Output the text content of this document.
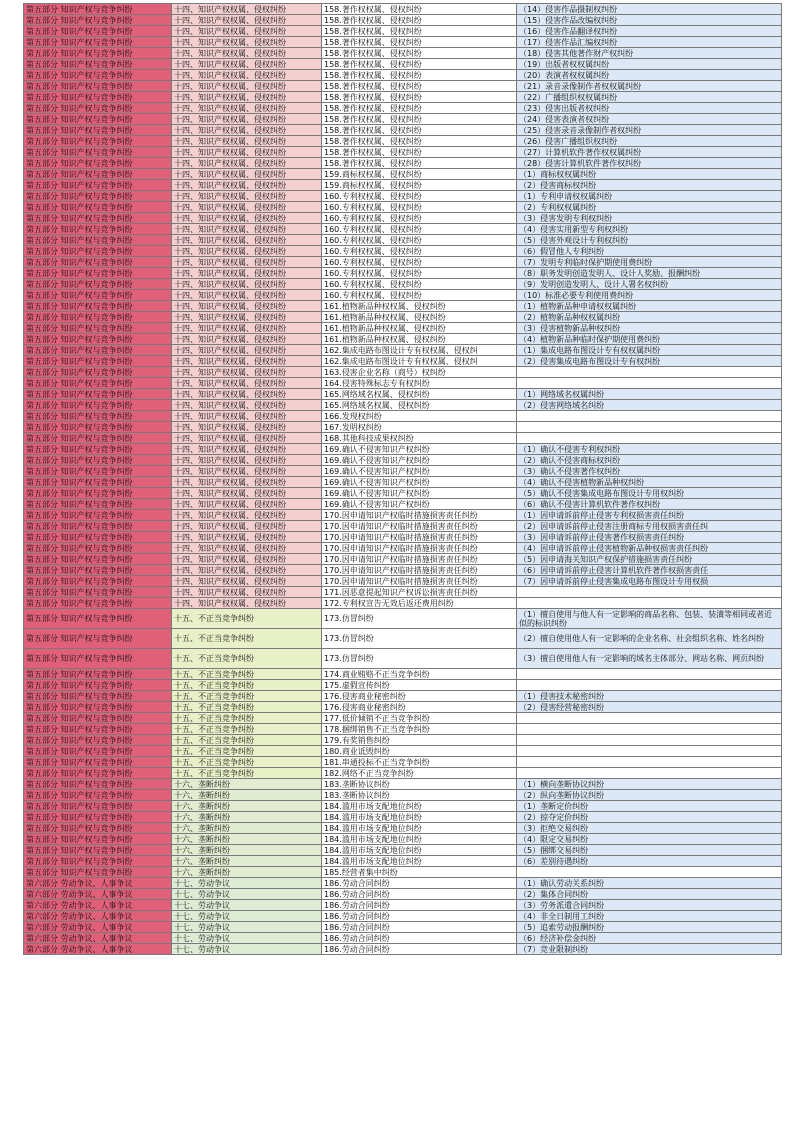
第五部分 知识产权与竞争纠纷	十四、知识产权权属、侵权纠纷	158.著作权权属、侵权纠纷	（14）侵害作品摄制权纠纷
第五部分 知识产权与竞争纠纷	十四、知识产权权属、侵权纠纷	158.著作权权属、侵权纠纷	（15）侵害作品改编权纠纷
第五部分 知识产权与竞争纠纷	十四、知识产权权属、侵权纠纷	158.著作权权属、侵权纠纷	（16）侵害作品翻译权纠纷
第五部分 知识产权与竞争纠纷	十四、知识产权权属、侵权纠纷	158.著作权权属、侵权纠纷	（17）侵害作品汇编权纠纷
第五部分 知识产权与竞争纠纷	十四、知识产权权属、侵权纠纷	158.著作权权属、侵权纠纷	（18）侵害其他著作财产权纠纷
第五部分 知识产权与竞争纠纷	十四、知识产权权属、侵权纠纷	158.著作权权属、侵权纠纷	（19）出版者权权属纠纷
第五部分 知识产权与竞争纠纷	十四、知识产权权属、侵权纠纷	158.著作权权属、侵权纠纷	（20）表演者权权属纠纷
第五部分 知识产权与竞争纠纷	十四、知识产权权属、侵权纠纷	158.著作权权属、侵权纠纷	（21）录音录像制作者权权属纠纷
第五部分 知识产权与竞争纠纷	十四、知识产权权属、侵权纠纷	158.著作权权属、侵权纠纷	（22）广播组织权权属纠纷
第五部分 知识产权与竞争纠纷	十四、知识产权权属、侵权纠纷	158.著作权权属、侵权纠纷	（23）侵害出版者权纠纷
第五部分 知识产权与竞争纠纷	十四、知识产权权属、侵权纠纷	158.著作权权属、侵权纠纷	（24）侵害表演者权纠纷
第五部分 知识产权与竞争纠纷	十四、知识产权权属、侵权纠纷	158.著作权权属、侵权纠纷	（25）侵害录音录像制作者权纠纷
第五部分 知识产权与竞争纠纷	十四、知识产权权属、侵权纠纷	158.著作权权属、侵权纠纷	（26）侵害广播组织权纠纷
第五部分 知识产权与竞争纠纷	十四、知识产权权属、侵权纠纷	158.著作权权属、侵权纠纷	（27）计算机软件著作权权属纠纷
第五部分 知识产权与竞争纠纷	十四、知识产权权属、侵权纠纷	158.著作权权属、侵权纠纷	（28）侵害计算机软件著作权纠纷
第五部分 知识产权与竞争纠纷	十四、知识产权权属、侵权纠纷	159.商标权权属、侵权纠纷	（1）商标权权属纠纷
第五部分 知识产权与竞争纠纷	十四、知识产权权属、侵权纠纷	159.商标权权属、侵权纠纷	（2）侵害商标权纠纷
第五部分 知识产权与竞争纠纷	十四、知识产权权属、侵权纠纷	160.专利权权属、侵权纠纷	（1）专利申请权权属纠纷
第五部分 知识产权与竞争纠纷	十四、知识产权权属、侵权纠纷	160.专利权权属、侵权纠纷	（2）专利权权属纠纷
第五部分 知识产权与竞争纠纷	十四、知识产权权属、侵权纠纷	160.专利权权属、侵权纠纷	（3）侵害发明专利权纠纷
第五部分 知识产权与竞争纠纷	十四、知识产权权属、侵权纠纷	160.专利权权属、侵权纠纷	（4）侵害实用新型专利权纠纷
第五部分 知识产权与竞争纠纷	十四、知识产权权属、侵权纠纷	160.专利权权属、侵权纠纷	（5）侵害外观设计专利权纠纷
第五部分 知识产权与竞争纠纷	十四、知识产权权属、侵权纠纷	160.专利权权属、侵权纠纷	（6）假冒他人专利纠纷
第五部分 知识产权与竞争纠纷	十四、知识产权权属、侵权纠纷	160.专利权权属、侵权纠纷	（7）发明专利临时保护期使用费纠纷
第五部分 知识产权与竞争纠纷	十四、知识产权权属、侵权纠纷	160.专利权权属、侵权纠纷	（8）职务发明创造发明人、设计人奖励、报酬纠纷
第五部分 知识产权与竞争纠纷	十四、知识产权权属、侵权纠纷	160.专利权权属、侵权纠纷	（9）发明创造发明人、设计人署名权纠纷
第五部分 知识产权与竞争纠纷	十四、知识产权权属、侵权纠纷	160.专利权权属、侵权纠纷	（10）标准必要专利使用费纠纷
第五部分 知识产权与竞争纠纷	十四、知识产权权属、侵权纠纷	161.植物新品种权权属、侵权纠纷	（1）植物新品种申请权权属纠纷
第五部分 知识产权与竞争纠纷	十四、知识产权权属、侵权纠纷	161.植物新品种权权属、侵权纠纷	（2）植物新品种权权属纠纷
第五部分 知识产权与竞争纠纷	十四、知识产权权属、侵权纠纷	161.植物新品种权权属、侵权纠纷	（3）侵害植物新品种权纠纷
第五部分 知识产权与竞争纠纷	十四、知识产权权属、侵权纠纷	161.植物新品种权权属、侵权纠纷	（4）植物新品种临时保护期使用费纠纷
第五部分 知识产权与竞争纠纷	十四、知识产权权属、侵权纠纷	162.集成电路布图设计专有权权属、侵权纠	（1）集成电路布图设计专有权权属纠纷
第五部分 知识产权与竞争纠纷	十四、知识产权权属、侵权纠纷	162.集成电路布图设计专有权权属、侵权纠	（2）侵害集成电路布图设计专有权纠纷
第五部分 知识产权与竞争纠纷	十四、知识产权权属、侵权纠纷	163.侵害企业名称（商号）权纠纷	
第五部分 知识产权与竞争纠纷	十四、知识产权权属、侵权纠纷	164.侵害特殊标志专有权纠纷	
第五部分 知识产权与竞争纠纷	十四、知识产权权属、侵权纠纷	165.网络域名权属、侵权纠纷	（1）网络域名权属纠纷
第五部分 知识产权与竞争纠纷	十四、知识产权权属、侵权纠纷	165.网络域名权属、侵权纠纷	（2）侵害网络域名纠纷
第五部分 知识产权与竞争纠纷	十四、知识产权权属、侵权纠纷	166.发现权纠纷	
第五部分 知识产权与竞争纠纷	十四、知识产权权属、侵权纠纷	167.发明权纠纷	
第五部分 知识产权与竞争纠纷	十四、知识产权权属、侵权纠纷	168.其他科技成果权纠纷	
第五部分 知识产权与竞争纠纷	十四、知识产权权属、侵权纠纷	169.确认不侵害知识产权纠纷	（1）确认不侵害专利权纠纷
第五部分 知识产权与竞争纠纷	十四、知识产权权属、侵权纠纷	169.确认不侵害知识产权纠纷	（2）确认不侵害商标权纠纷
第五部分 知识产权与竞争纠纷	十四、知识产权权属、侵权纠纷	169.确认不侵害知识产权纠纷	（3）确认不侵害著作权纠纷
第五部分 知识产权与竞争纠纷	十四、知识产权权属、侵权纠纷	169.确认不侵害知识产权纠纷	（4）确认不侵害植物新品种权纠纷
第五部分 知识产权与竞争纠纷	十四、知识产权权属、侵权纠纷	169.确认不侵害知识产权纠纷	（5）确认不侵害集成电路布图设计专用权纠纷
第五部分 知识产权与竞争纠纷	十四、知识产权权属、侵权纠纷	169.确认不侵害知识产权纠纷	（6）确认不侵害计算机软件著作权纠纷
第五部分 知识产权与竞争纠纷	十四、知识产权权属、侵权纠纷	170.因申请知识产权临时措施损害责任纠纷	（1）因申请诉前停止侵害专利权损害责任纠纷
第五部分 知识产权与竞争纠纷	十四、知识产权权属、侵权纠纷	170.因申请知识产权临时措施损害责任纠纷	（2）因申请诉前停止侵害注册商标专用权损害责任纠
第五部分 知识产权与竞争纠纷	十四、知识产权权属、侵权纠纷	170.因申请知识产权临时措施损害责任纠纷	（3）因申请诉前停止侵害著作权损害责任纠纷
第五部分 知识产权与竞争纠纷	十四、知识产权权属、侵权纠纷	170.因申请知识产权临时措施损害责任纠纷	（4）因申请诉前停止侵害植物新品种权损害责任纠纷
第五部分 知识产权与竞争纠纷	十四、知识产权权属、侵权纠纷	170.因申请知识产权临时措施损害责任纠纷	（5）因申请海关知识产权保护措施损害责任纠纷
第五部分 知识产权与竞争纠纷	十四、知识产权权属、侵权纠纷	170.因申请知识产权临时措施损害责任纠纷	（6）因申请诉前停止侵害计算机软件著作权损害责任
第五部分 知识产权与竞争纠纷	十四、知识产权权属、侵权纠纷	170.因申请知识产权临时措施损害责任纠纷	（7）因申请诉前停止侵害集成电路布图设计专用权损
第五部分 知识产权与竞争纠纷	十四、知识产权权属、侵权纠纷	171.因恶意提起知识产权诉讼损害责任纠纷	
第五部分 知识产权与竞争纠纷	十四、知识产权权属、侵权纠纷	172.专利权宣告无效后返还费用纠纷	
第五部分 知识产权与竞争纠纷	十五、不正当竞争纠纷	173.仿冒纠纷	（1）擅自使用与他人有一定影响的商品名称、包装、装潢等相同或者近似的标识纠纷
第五部分 知识产权与竞争纠纷	十五、不正当竞争纠纷	173.仿冒纠纷	（2）擅自使用他人有一定影响的企业名称、社会组织名称、姓名纠纷
第五部分 知识产权与竞争纠纷	十五、不正当竞争纠纷	173.仿冒纠纷	（3）擅自使用他人有一定影响的域名主体部分、网站名称、网页纠纷
第五部分 知识产权与竞争纠纷	十五、不正当竞争纠纷	174.商业贿赂不正当竞争纠纷	
第五部分 知识产权与竞争纠纷	十五、不正当竞争纠纷	175.虚假宣传纠纷	
第五部分 知识产权与竞争纠纷	十五、不正当竞争纠纷	176.侵害商业秘密纠纷	（1）侵害技术秘密纠纷
第五部分 知识产权与竞争纠纷	十五、不正当竞争纠纷	176.侵害商业秘密纠纷	（2）侵害经营秘密纠纷
第五部分 知识产权与竞争纠纷	十五、不正当竞争纠纷	177.低价倾销不正当竞争纠纷	
第五部分 知识产权与竞争纠纷	十五、不正当竞争纠纷	178.捆绑销售不正当竞争纠纷	
第五部分 知识产权与竞争纠纷	十五、不正当竞争纠纷	179.有奖销售纠纷	
第五部分 知识产权与竞争纠纷	十五、不正当竞争纠纷	180.商业诋毁纠纷	
第五部分 知识产权与竞争纠纷	十五、不正当竞争纠纷	181.串通投标不正当竞争纠纷	
第五部分 知识产权与竞争纠纷	十五、不正当竞争纠纷	182.网络不正当竞争纠纷	
第五部分 知识产权与竞争纠纷	十六、垄断纠纷	183.垄断协议纠纷	（1）横向垄断协议纠纷
第五部分 知识产权与竞争纠纷	十六、垄断纠纷	183.垄断协议纠纷	（2）纵向垄断协议纠纷
第五部分 知识产权与竞争纠纷	十六、垄断纠纷	184.滥用市场支配地位纠纷	（1）垄断定价纠纷
第五部分 知识产权与竞争纠纷	十六、垄断纠纷	184.滥用市场支配地位纠纷	（2）掠夺定价纠纷
第五部分 知识产权与竞争纠纷	十六、垄断纠纷	184.滥用市场支配地位纠纷	（3）拒绝交易纠纷
第五部分 知识产权与竞争纠纷	十六、垄断纠纷	184.滥用市场支配地位纠纷	（4）限定交易纠纷
第五部分 知识产权与竞争纠纷	十六、垄断纠纷	184.滥用市场支配地位纠纷	（5）捆绑交易纠纷
第五部分 知识产权与竞争纠纷	十六、垄断纠纷	184.滥用市场支配地位纠纷	（6）差别待遇纠纷
第五部分 知识产权与竞争纠纷	十六、垄断纠纷	185.经营者集中纠纷	
第六部分 劳动争议、人事争议	十七、劳动争议	186.劳动合同纠纷	（1）确认劳动关系纠纷
第六部分 劳动争议、人事争议	十七、劳动争议	186.劳动合同纠纷	（2）集体合同纠纷
第六部分 劳动争议、人事争议	十七、劳动争议	186.劳动合同纠纷	（3）劳务派遣合同纠纷
第六部分 劳动争议、人事争议	十七、劳动争议	186.劳动合同纠纷	（4）非全日制用工纠纷
第六部分 劳动争议、人事争议	十七、劳动争议	186.劳动合同纠纷	（5）追索劳动报酬纠纷
第六部分 劳动争议、人事争议	十七、劳动争议	186.劳动合同纠纷	（6）经济补偿金纠纷
第六部分 劳动争议、人事争议	十七、劳动争议	186.劳动合同纠纷	（7）竞业限制纠纷
